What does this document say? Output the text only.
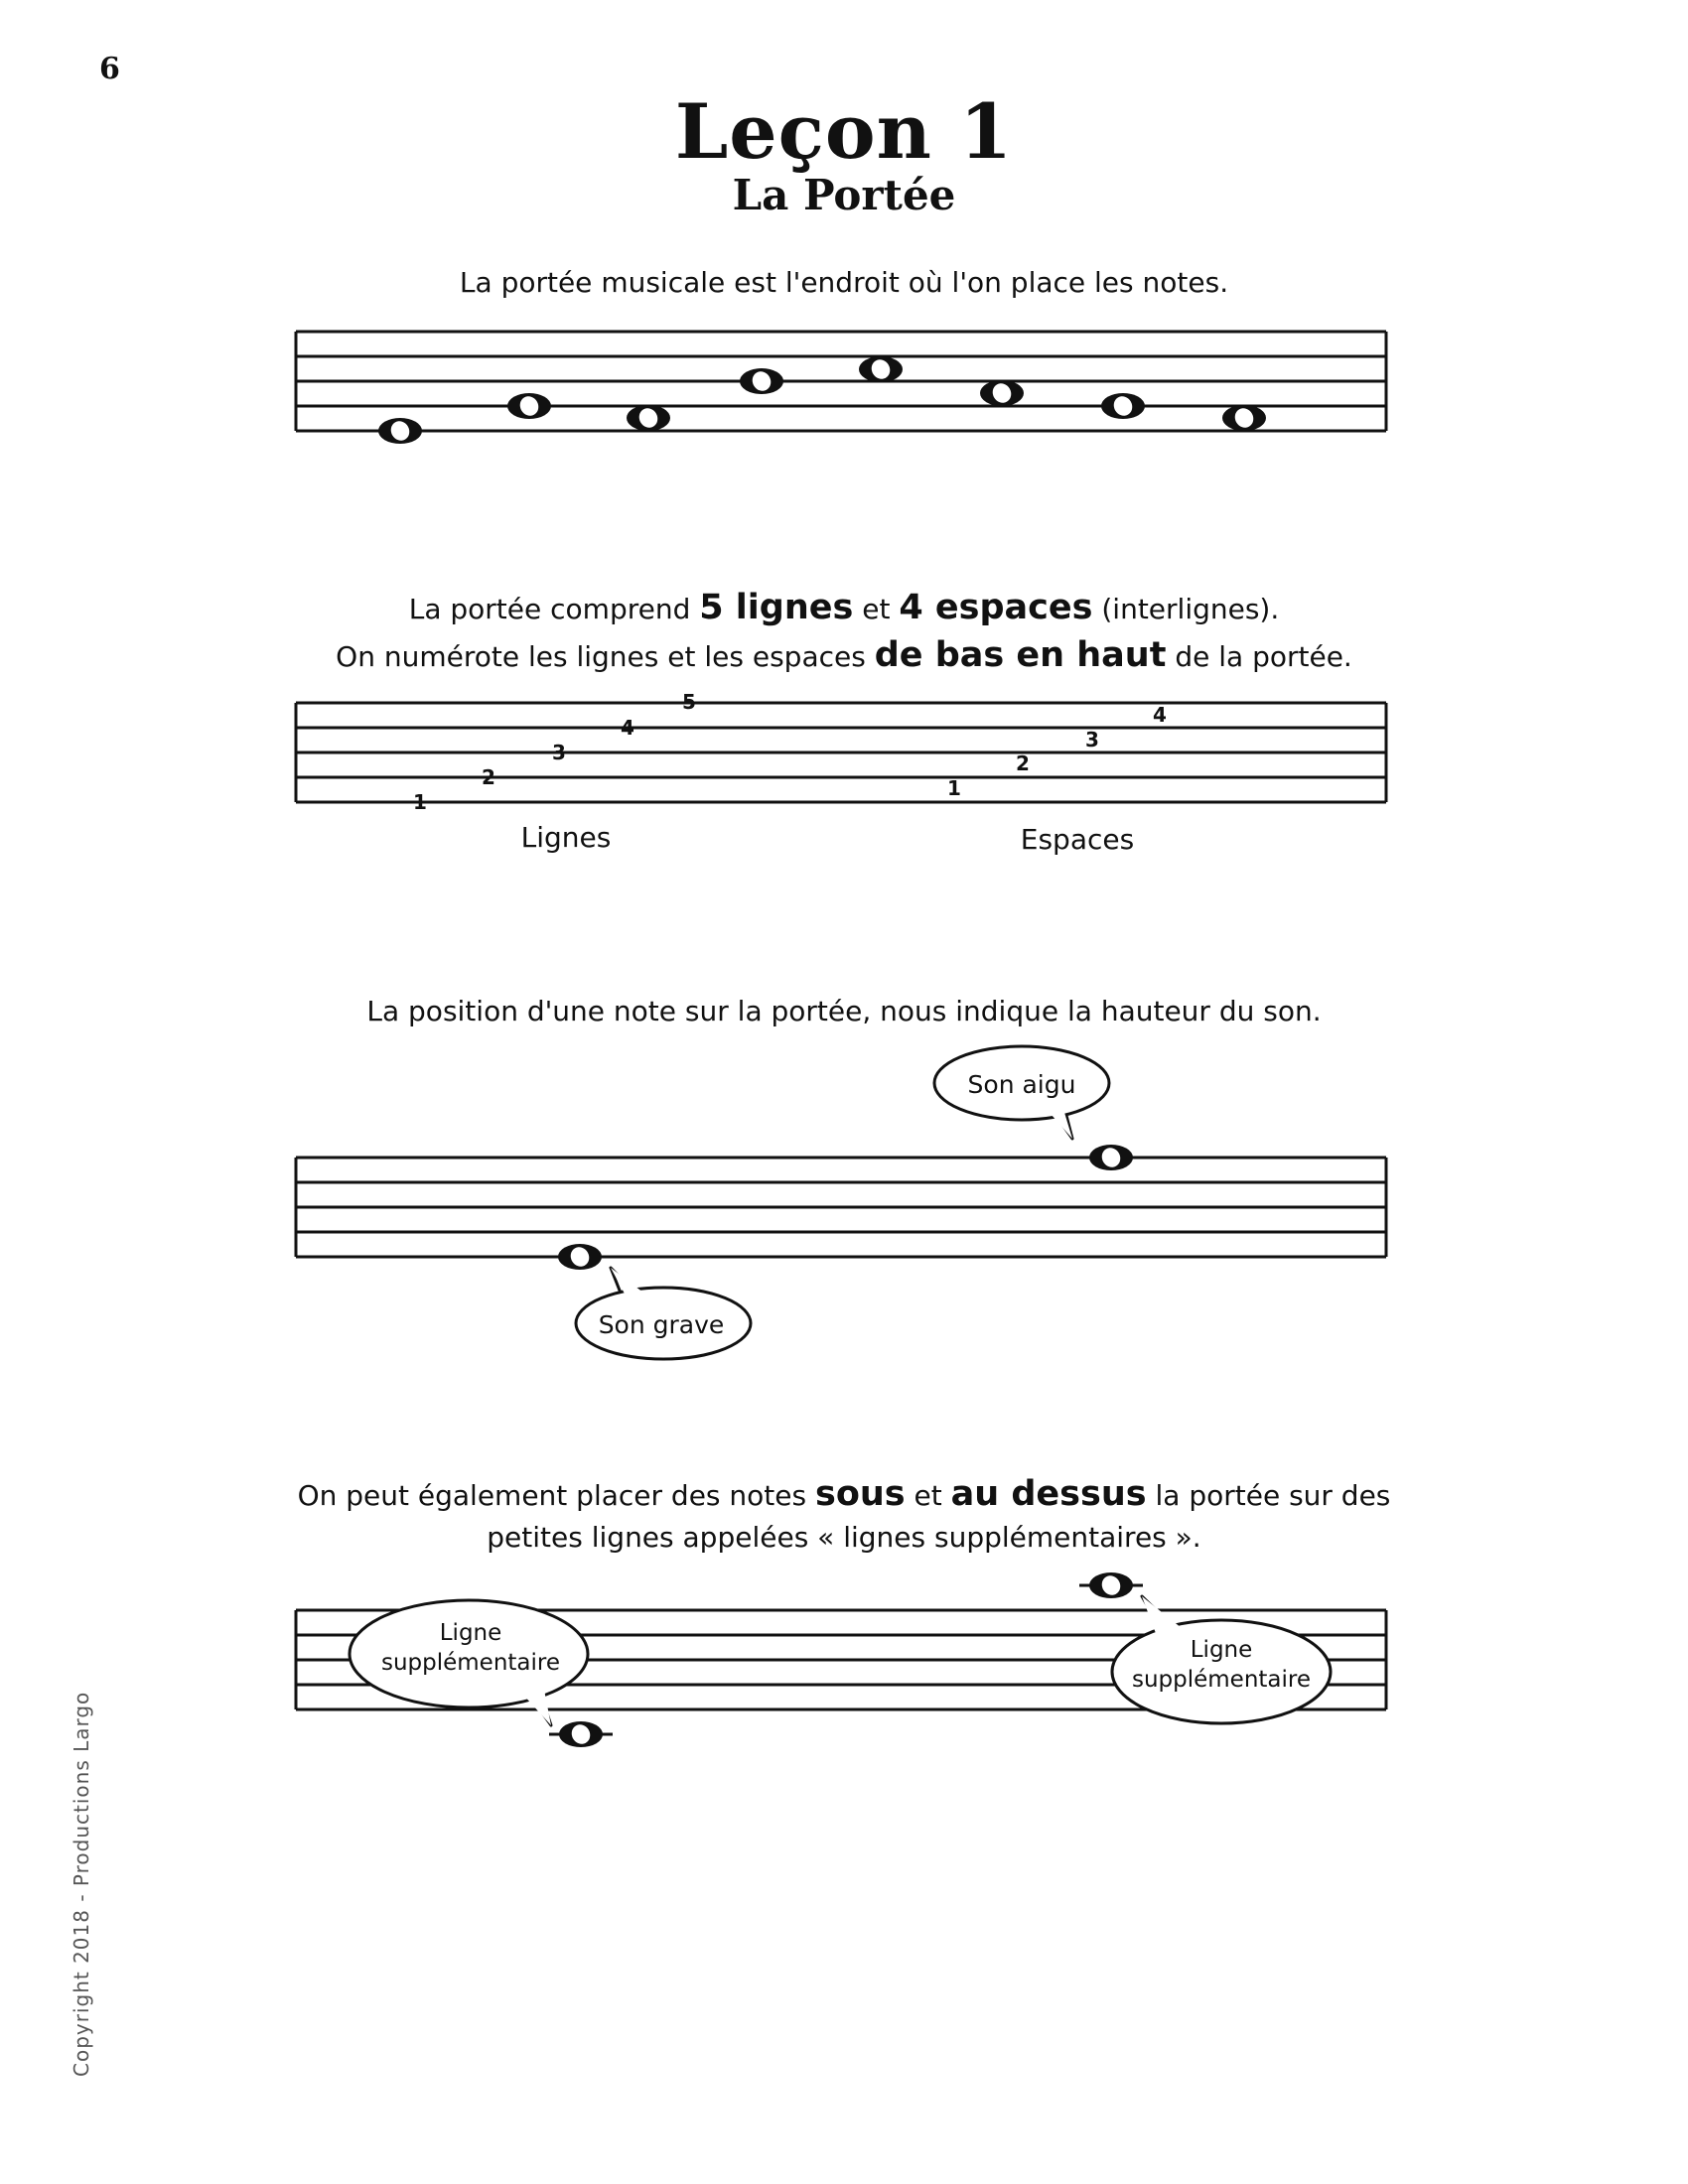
6
Leçon 1
La Portée
La portée musicale est l'endroit où l'on place les notes.
La portée comprend 5 lignes et 4 espaces (interlignes).
On numérote les lignes et les espaces de bas en haut de la portée.
La position d'une note sur la portée, nous indique la hauteur du son.
On peut également placer des notes sous et au dessus la portée sur des
petites lignes appelées « lignes supplémentaires ».
Copyright 2018 - Productions Largo
1
2
3
4
5
1
2
3
4
Lignes	Espaces
Son aigu
Son grave
Ligne
supplémentaire	Ligne
supplémentaire
